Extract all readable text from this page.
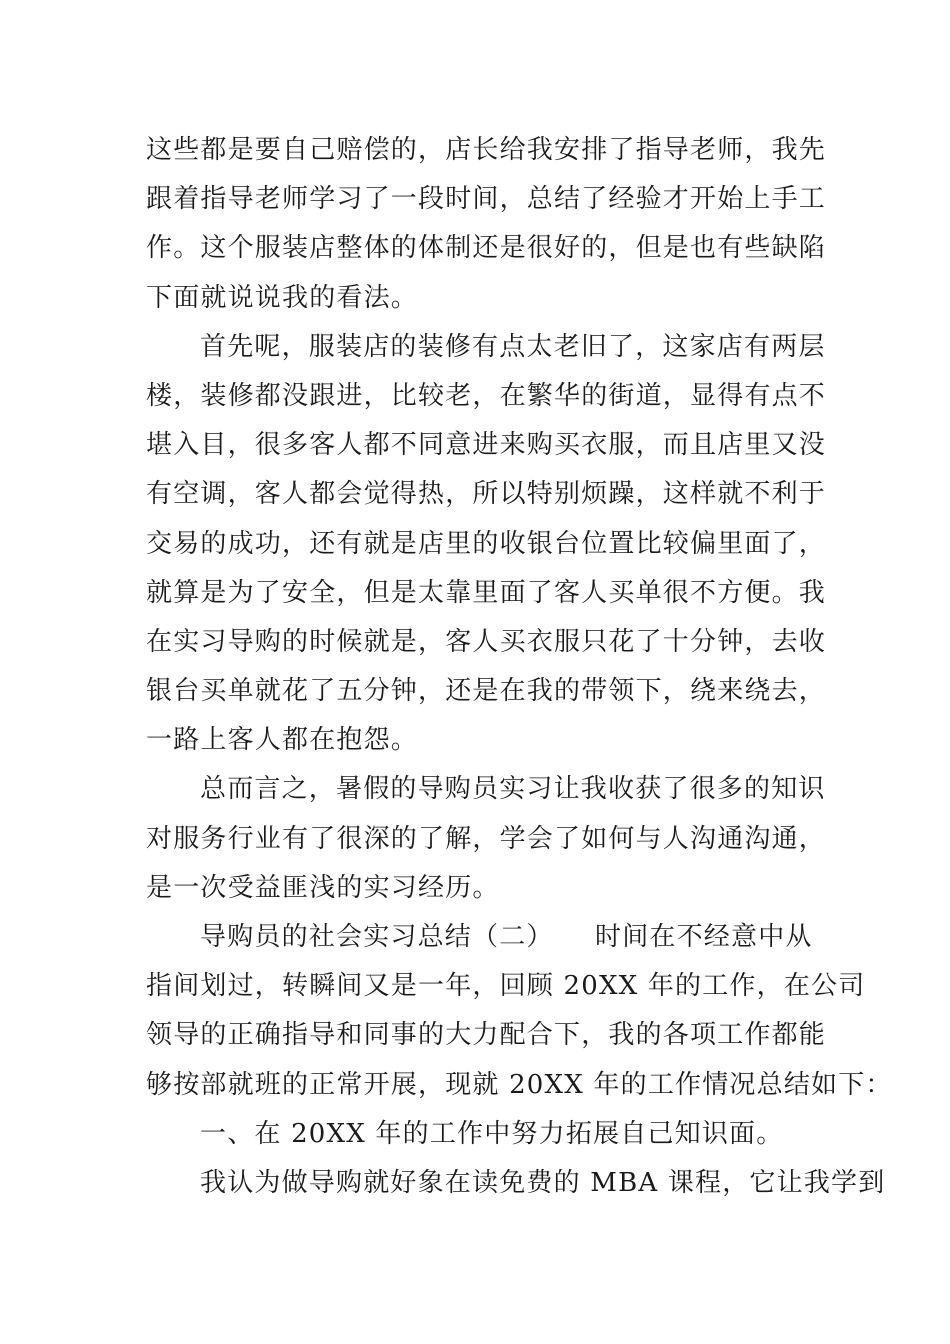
这些都是要自己赔偿的，店长给我安排了指导老师，我先
跟着指导老师学习了一段时间，总结了经验才开始上手工
作。这个服装店整体的体制还是很好的，但是也有些缺陷
下面就说说我的看法。
首先呢，服装店的装修有点太老旧了，这家店有两层
楼，装修都没跟进，比较老，在繁华的街道，显得有点不
堪入目，很多客人都不同意进来购买衣服，而且店里又没
有空调，客人都会觉得热，所以特别烦躁，这样就不利于
交易的成功，还有就是店里的收银台位置比较偏里面了，
就算是为了安全，但是太靠里面了客人买单很不方便。我
在实习导购的时候就是，客人买衣服只花了十分钟，去收
银台买单就花了五分钟，还是在我的带领下，绕来绕去，
一路上客人都在抱怨。
总而言之，暑假的导购员实习让我收获了很多的知识
对服务行业有了很深的了解，学会了如何与人沟通沟通，
是一次受益匪浅的实习经历。
导购员的社会实习总结（二）　　时间在不经意中从
指间划过，转瞬间又是一年，回顾 20XX 年的工作，在公司
领导的正确指导和同事的大力配合下，我的各项工作都能
够按部就班的正常开展，现就 20XX 年的工作情况总结如下：
一、在 20XX 年的工作中努力拓展自己知识面。
我认为做导购就好象在读免费的 MBA 课程，它让我学到
